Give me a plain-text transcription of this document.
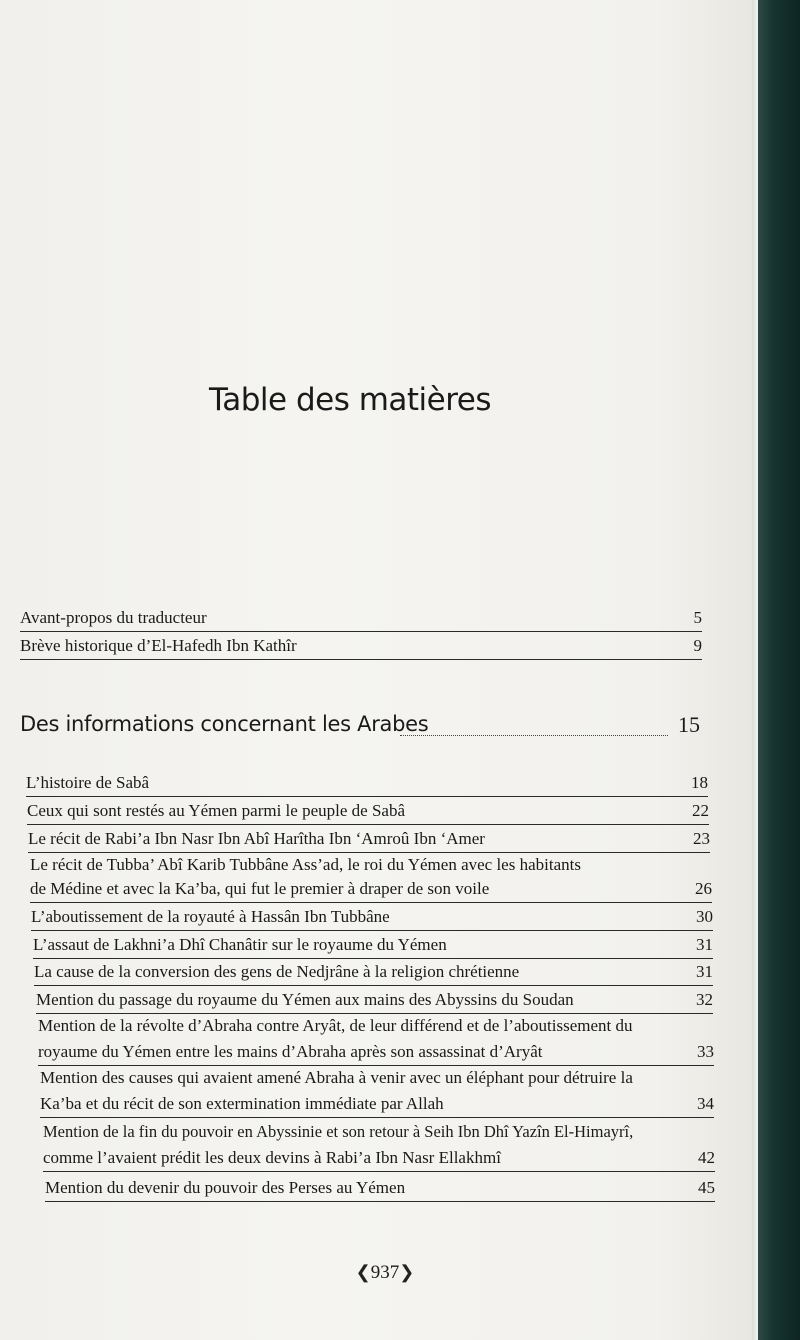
Table des matières
Avant-propos du traducteur	5
Brève historique d’El-Hafedh Ibn Kathîr	9
Des informations concernant les Arabes	15
L’histoire de Sabâ	18
Ceux qui sont restés au Yémen parmi le peuple de Sabâ	22
Le récit de Rabi’a Ibn Nasr Ibn Abî Harîtha Ibn ‘Amroû Ibn ‘Amer	23
Le récit de Tubba’ Abî Karib Tubbâne Ass’ad, le roi du Yémen avec les habitants
de Médine et avec la Ka’ba, qui fut le premier à draper de son voile	26
L’aboutissement de la royauté à Hassân Ibn Tubbâne	30
L’assaut de Lakhni’a Dhî Chanâtir sur le royaume du Yémen	31
La cause de la conversion des gens de Nedjrâne à la religion chrétienne	31
Mention du passage du royaume du Yémen aux mains des Abyssins du Soudan	32
Mention de la révolte d’Abraha contre Aryât, de leur différend et de l’aboutissement du
royaume du Yémen entre les mains d’Abraha après son assassinat d’Aryât	33
Mention des causes qui avaient amené Abraha à venir avec un éléphant pour détruire la
Ka’ba et du récit de son extermination immédiate par Allah	34
Mention de la fin du pouvoir en Abyssinie et son retour à Seih Ibn Dhî Yazîn El-Himayrî,
comme l’avaient prédit les deux devins à Rabi’a Ibn Nasr Ellakhmî	42
Mention du devenir du pouvoir des Perses au Yémen	45
❮937❯
